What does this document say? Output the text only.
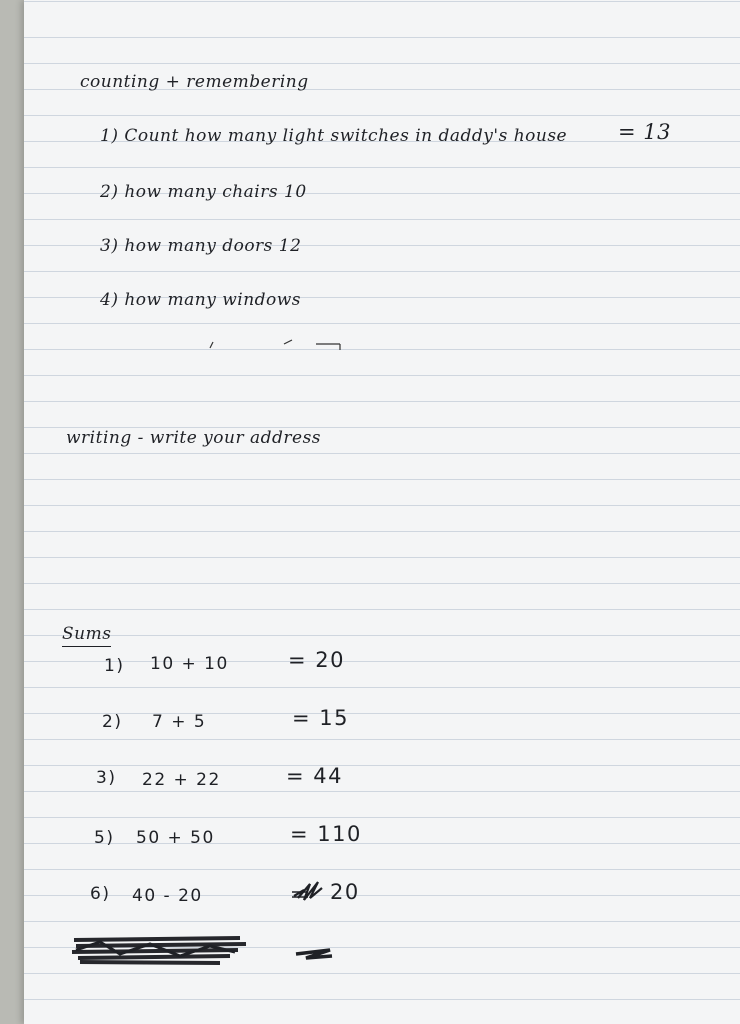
counting + remembering
1) Count how many light switches in daddy's house = 13
2) how many chairs 10
3) how many doors 12
4) how many windows
writing - write your address
Sums
1) 10 + 10	= 20
2) 7 + 5	= 15
3) 22 + 22	= 44
5) 50 + 50	= 110
6) 40 - 20	20
